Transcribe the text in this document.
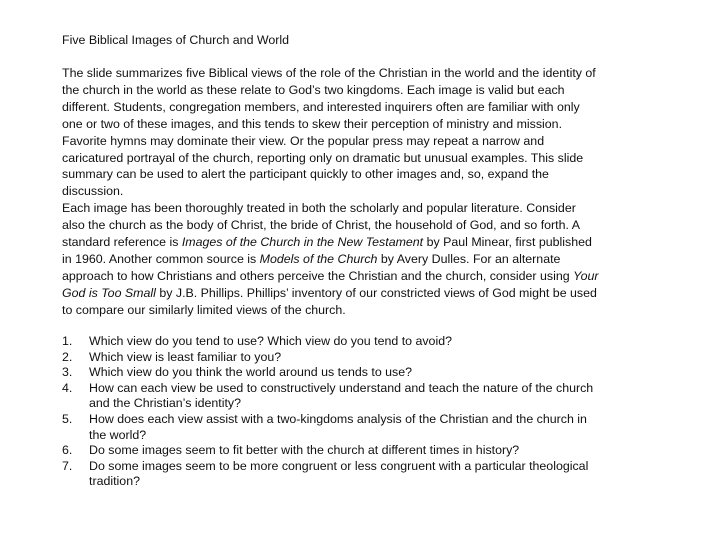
Five Biblical Images of Church and World
The slide summarizes five Biblical views of the role of the Christian in the world and the identity of
the church in the world as these relate to God’s two kingdoms. Each image is valid but each
different. Students, congregation members, and interested inquirers often are familiar with only
one or two of these images, and this tends to skew their perception of ministry and mission.
Favorite hymns may dominate their view. Or the popular press may repeat a narrow and
caricatured portrayal of the church, reporting only on dramatic but unusual examples. This slide
summary can be used to alert the participant quickly to other images and, so, expand the
discussion.
Each image has been thoroughly treated in both the scholarly and popular literature. Consider
also the church as the body of Christ, the bride of Christ, the household of God, and so forth. A
standard reference is Images of the Church in the New Testament by Paul Minear, first published
in 1960. Another common source is Models of the Church by Avery Dulles. For an alternate
approach to how Christians and others perceive the Christian and the church, consider using Your
God is Too Small by J.B. Phillips. Phillips’ inventory of our constricted views of God might be used
to compare our similarly limited views of the church.
1.	Which view do you tend to use? Which view do you tend to avoid?
2.	Which view is least familiar to you?
3.	Which view do you think the world around us tends to use?
4.	How can each view be used to constructively understand and teach the nature of the church
and the Christian’s identity?
5.	How does each view assist with a two-kingdoms analysis of the Christian and the church in
the world?
6.	Do some images seem to fit better with the church at different times in history?
7.	Do some images seem to be more congruent or less congruent with a particular theological
tradition?
